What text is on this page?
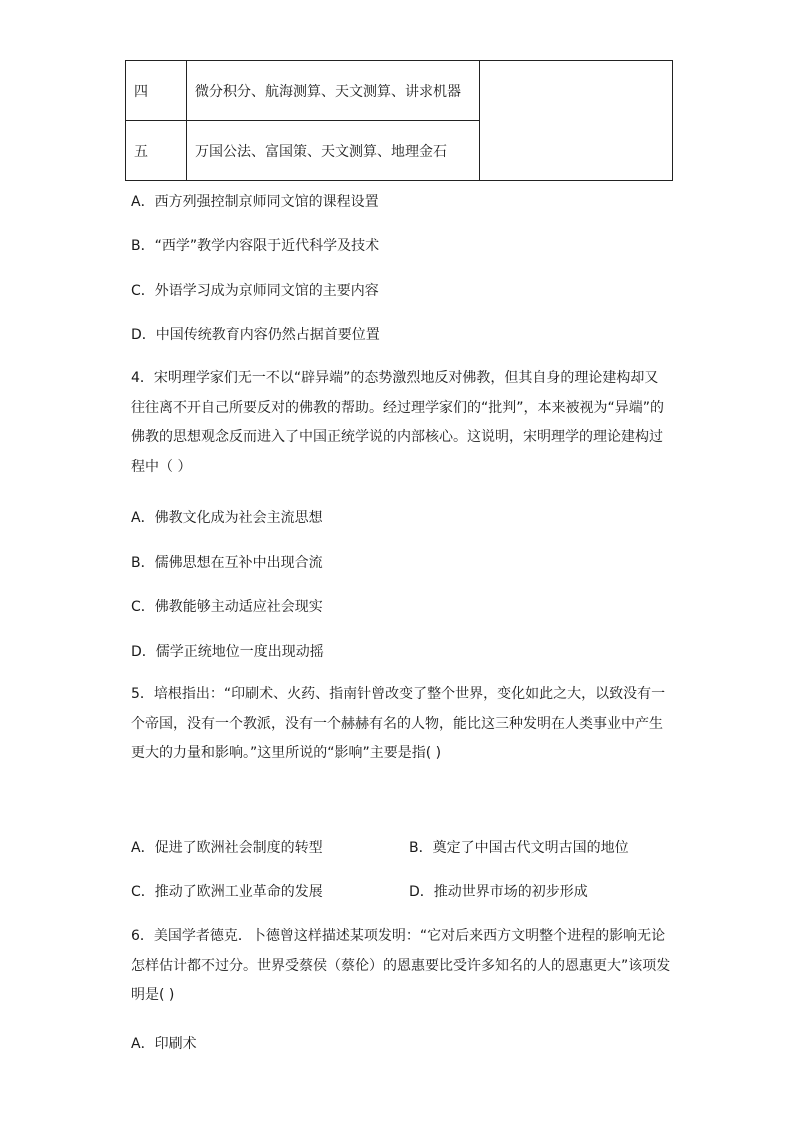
四	微分积分、航海测算、天文测算、讲求机器	
五	万国公法、富国策、天文测算、地理金石	
A．西方列强控制京师同文馆的课程设置
B．“西学”教学内容限于近代科学及技术
C．外语学习成为京师同文馆的主要内容
D．中国传统教育内容仍然占据首要位置
4．宋明理学家们无一不以“辟异端”的态势激烈地反对佛教，但其自身的理论建构却又往往离不开自己所要反对的佛教的帮助。经过理学家们的“批判”，本来被视为“异端”的佛教的思想观念反而进入了中国正统学说的内部核心。这说明，宋明理学的理论建构过程中（ ）
A．佛教文化成为社会主流思想
B．儒佛思想在互补中出现合流
C．佛教能够主动适应社会现实
D．儒学正统地位一度出现动摇
5．培根指出：“印刷术、火药、指南针曾改变了整个世界，变化如此之大，以致没有一个帝国，没有一个教派，没有一个赫赫有名的人物，能比这三种发明在人类事业中产生更大的力量和影响。”这里所说的“影响”主要是指( )
A．促进了欧洲社会制度的转型	B．奠定了中国古代文明古国的地位
C．推动了欧洲工业革命的发展	D．推动世界市场的初步形成
6．美国学者德克．卜德曾这样描述某项发明：“它对后来西方文明整个进程的影响无论怎样估计都不过分。世界受蔡侯（蔡伦）的恩惠要比受许多知名的人的恩惠更大”该项发明是( )
A．印刷术
